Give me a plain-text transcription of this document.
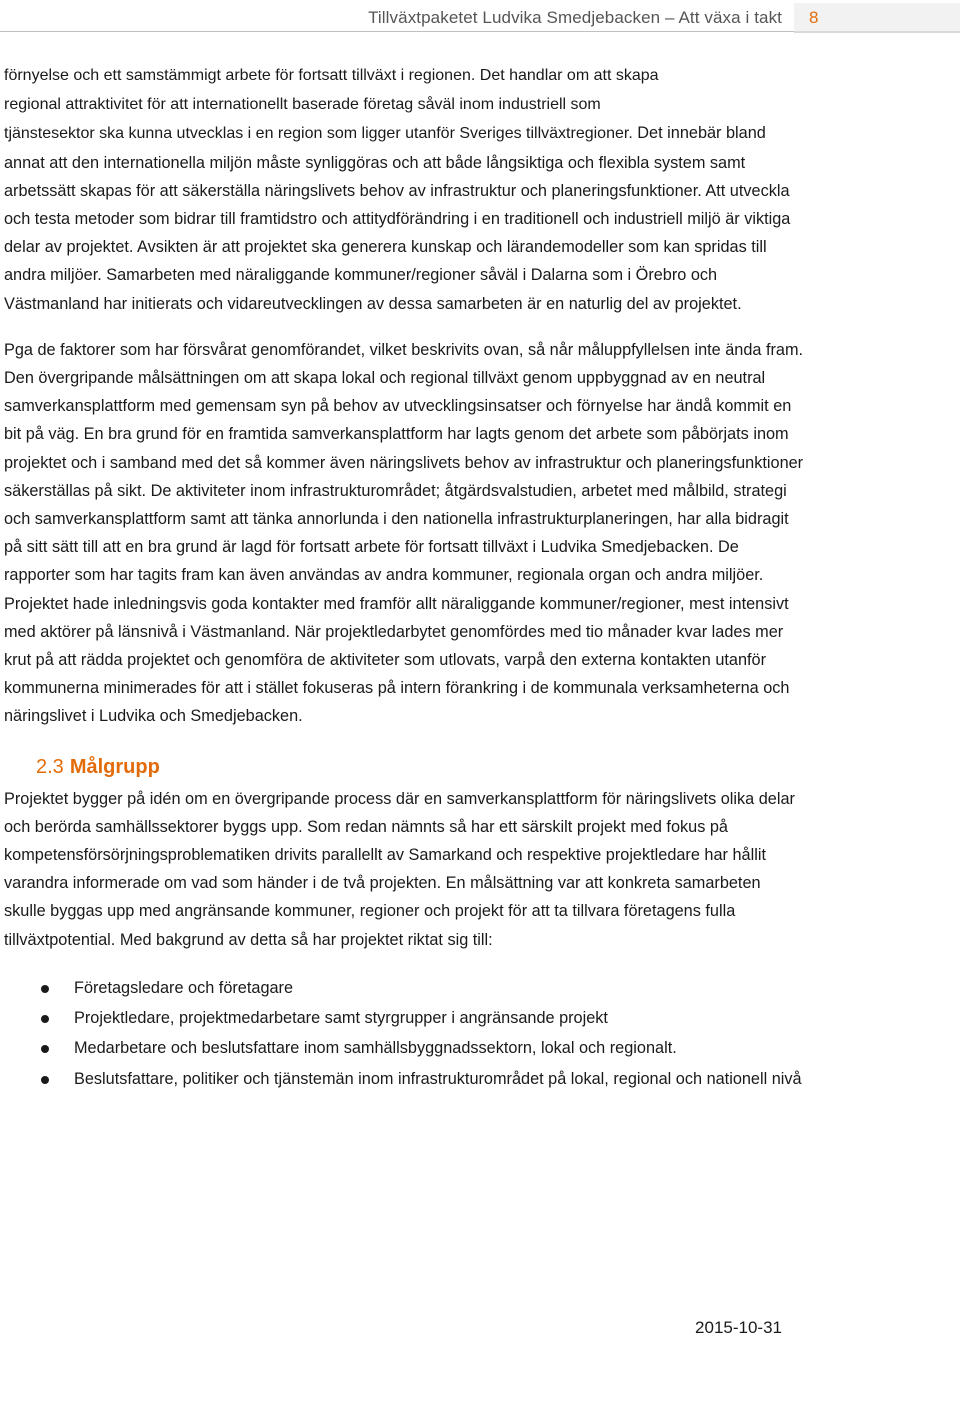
Tillväxtpaketet Ludvika Smedjebacken – Att växa i takt 8

förnyelse och ett samstämmigt arbete för fortsatt tillväxt i regionen. Det handlar om att skapa
regional attraktivitet för att internationellt baserade företag såväl inom industriell som
tjänstesektor ska kunna utvecklas i en region som ligger utanför Sveriges tillväxtregioner. Det innebär bland annat att den internationella miljön måste synliggöras och att både långsiktiga och flexibla system samt arbetssätt skapas för att säkerställa näringslivets behov av infrastruktur och planeringsfunktioner. Att utveckla och testa metoder som bidrar till framtidstro och attitydförändring i en traditionell och industriell miljö är viktiga delar av projektet. Avsikten är att projektet ska generera kunskap och lärandemodeller som kan spridas till andra miljöer. Samarbeten med näraliggande kommuner/regioner såväl i Dalarna som i Örebro och Västmanland har initierats och vidareutvecklingen av dessa samarbeten är en naturlig del av projektet.

Pga de faktorer som har försvårat genomförandet, vilket beskrivits ovan, så når måluppfyllelsen inte ända fram. Den övergripande målsättningen om att skapa lokal och regional tillväxt genom uppbyggnad av en neutral samverkansplattform med gemensam syn på behov av utvecklingsinsatser och förnyelse har ändå kommit en bit på väg. En bra grund för en framtida samverkansplattform har lagts genom det arbete som påbörjats inom projektet och i samband med det så kommer även näringslivets behov av infrastruktur och planeringsfunktioner säkerställas på sikt. De aktiviteter inom infrastrukturområdet; åtgärdsvalstudien, arbetet med målbild, strategi och samverkansplattform samt att tänka annorlunda i den nationella infrastrukturplaneringen, har alla bidragit på sitt sätt till att en bra grund är lagd för fortsatt arbete för fortsatt tillväxt i Ludvika Smedjebacken. De rapporter som har tagits fram kan även användas av andra kommuner, regionala organ och andra miljöer. Projektet hade inledningsvis goda kontakter med framför allt näraliggande kommuner/regioner, mest intensivt med aktörer på länsnivå i Västmanland. När projektledarbytet genomfördes med tio månader kvar lades mer krut på att rädda projektet och genomföra de aktiviteter som utlovats, varpå den externa kontakten utanför kommunerna minimerades för att i stället fokuseras på intern förankring i de kommunala verksamheterna och näringslivet i Ludvika och Smedjebacken.

2.3 Målgrupp

Projektet bygger på idén om en övergripande process där en samverkansplattform för näringslivets olika delar och berörda samhällssektorer byggs upp. Som redan nämnts så har ett särskilt projekt med fokus på kompetensförsörjningsproblematiken drivits parallellt av Samarkand och respektive projektledare har hållit varandra informerade om vad som händer i de två projekten. En målsättning var att konkreta samarbeten skulle byggas upp med angränsande kommuner, regioner och projekt för att ta tillvara företagens fulla tillväxtpotential. Med bakgrund av detta så har projektet riktat sig till:

Företagsledare och företagare
Projektledare, projektmedarbetare samt styrgrupper i angränsande projekt
Medarbetare och beslutsfattare inom samhällsbyggnadssektorn, lokal och regionalt.
Beslutsfattare, politiker och tjänstemän inom infrastrukturområdet på lokal, regional och nationell nivå
2015-10-31
